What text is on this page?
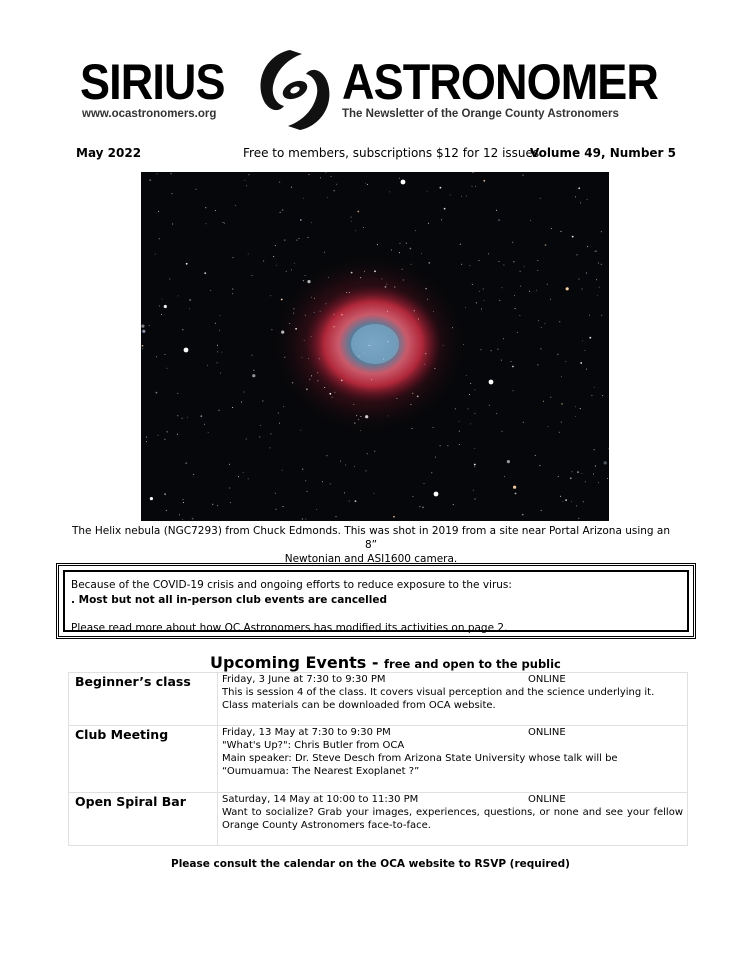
SIRIUS ASTRONOMER
www.ocastronomers.org	The Newsletter of the Orange County Astronomers
May 2022	Free to members, subscriptions $12 for 12 issues
Volume 49, Number 5
The Helix nebula (NGC7293) from Chuck Edmonds. This was shot in 2019 from a site near Portal Arizona using an 8”
Newtonian and ASI1600 camera.
Because of the COVID-19 crisis and ongoing efforts to reduce exposure to the virus:
. Most but not all in-person club events are cancelled
Please read more about how OC Astronomers has modified its activities on page 2.
Upcoming Events - free and open to the public
Beginner’s class	Friday, 3 June at 7:30 to 9:30 PM ONLINE
This is session 4 of the class. It covers visual perception and the science underlying it.
Class materials can be downloaded from OCA website.

Club Meeting	Friday, 13 May at 7:30 to 9:30 PM ONLINE
"What's Up?": Chris Butler from OCA
Main speaker: Dr. Steve Desch from Arizona State University whose talk will be
“Oumuamua: The Nearest Exoplanet ?”

Open Spiral Bar	Saturday, 14 May at 10:00 to 11:30 PM ONLINE
Want to socialize? Grab your images, experiences, questions, or none and see your fellow Orange County Astronomers face-to-face.
Please consult the calendar on the OCA website to RSVP (required)
